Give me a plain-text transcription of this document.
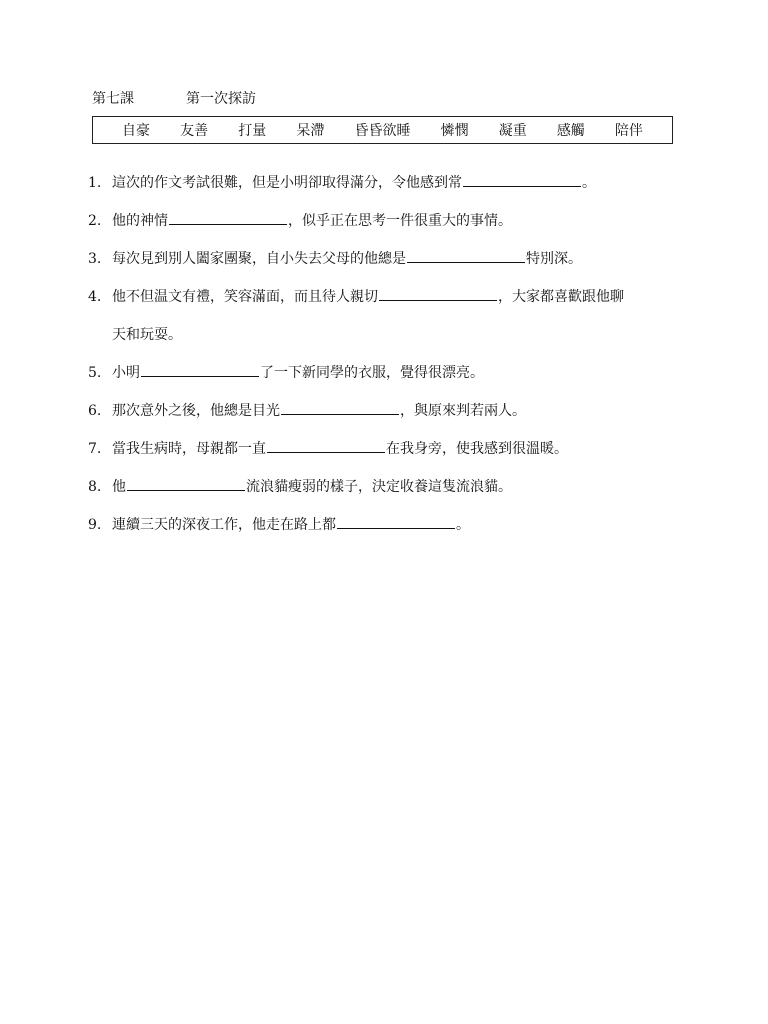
第七課	第一次探訪
自豪 友善 打量 呆滯 昏昏欲睡 憐憫 凝重 感觸 陪伴
1. 這次的作文考試很難，但是小明卻取得滿分，令他感到常	。
2. 他的神情	，似乎正在思考一件很重大的事情。
3. 每次見到別人闔家團聚，自小失去父母的他總是	特別深。
4. 他不但温文有禮，笑容滿面，而且待人親切	，大家都喜歡跟他聊
天和玩耍。
5. 小明	了一下新同學的衣服，覺得很漂亮。
6. 那次意外之後，他總是目光	，與原來判若兩人。
7. 當我生病時，母親都一直	在我身旁，使我感到很溫暖。
8. 他	流浪貓瘦弱的樣子，決定收養這隻流浪貓。
9. 連續三天的深夜工作，他走在路上都	。
